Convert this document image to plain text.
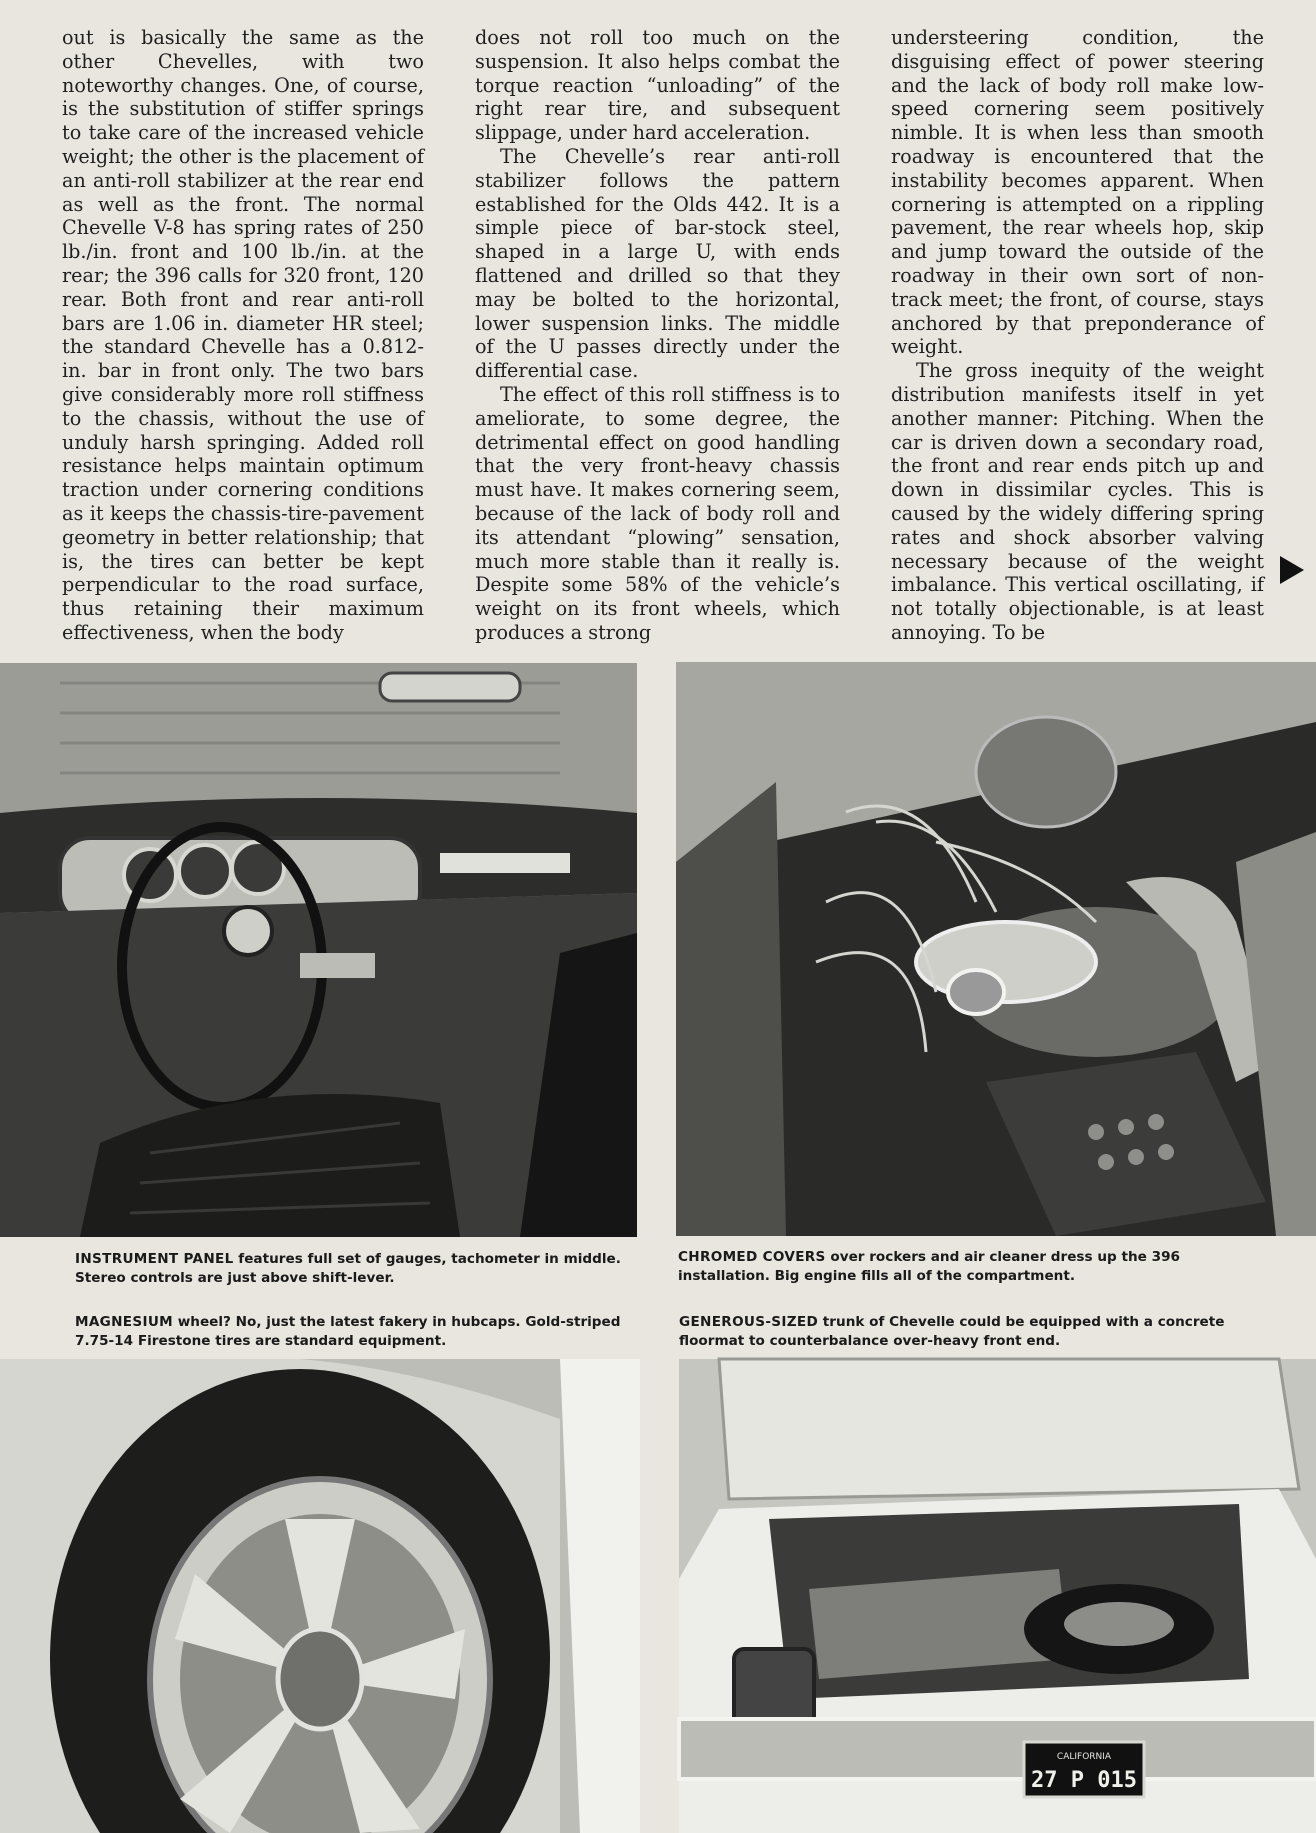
out is basically the same as the other Chevelles, with two noteworthy changes. One, of course, is the substitution of stiffer springs to take care of the increased vehicle weight; the other is the placement of an anti-roll stabilizer at the rear end as well as the front. The normal Chevelle V-8 has spring rates of 250 lb./in. front and 100 lb./in. at the rear; the 396 calls for 320 front, 120 rear. Both front and rear anti-roll bars are 1.06 in. diameter HR steel; the standard Chevelle has a 0.812-in. bar in front only. The two bars give considerably more roll stiffness to the chassis, without the use of unduly harsh springing. Added roll resistance helps maintain optimum traction under cornering conditions as it keeps the chassis-tire-pavement geometry in better relationship; that is, the tires can better be kept perpendicular to the road surface, thus retaining their maximum effectiveness, when the body

does not roll too much on the suspension. It also helps combat the torque reaction “unloading” of the right rear tire, and subsequent slippage, under hard acceleration.

The Chevelle’s rear anti-roll stabilizer follows the pattern established for the Olds 442. It is a simple piece of bar-stock steel, shaped in a large U, with ends flattened and drilled so that they may be bolted to the horizontal, lower suspension links. The middle of the U passes directly under the differential case.

The effect of this roll stiffness is to ameliorate, to some degree, the detrimental effect on good handling that the very front-heavy chassis must have. It makes cornering seem, because of the lack of body roll and its attendant “plowing” sensation, much more stable than it really is. Despite some 58% of the vehicle’s weight on its front wheels, which produces a strong

understeering condition, the disguising effect of power steering and the lack of body roll make low-speed cornering seem positively nimble. It is when less than smooth roadway is encountered that the instability becomes apparent. When cornering is attempted on a rippling pavement, the rear wheels hop, skip and jump toward the outside of the roadway in their own sort of non-track meet; the front, of course, stays anchored by that preponderance of weight.

The gross inequity of the weight distribution manifests itself in yet another manner: Pitching. When the car is driven down a secondary road, the front and rear ends pitch up and down in dissimilar cycles. This is caused by the widely differing spring rates and shock absorber valving necessary because of the weight imbalance. This vertical oscillating, if not totally objectionable, is at least annoying. To be

INSTRUMENT PANEL features full set of gauges, tachometer in middle. Stereo controls are just above shift-lever.
CHROMED COVERS over rockers and air cleaner dress up the 396 installation. Big engine fills all of the compartment.
MAGNESIUM wheel? No, just the latest fakery in hubcaps. Gold-striped 7.75-14 Firestone tires are standard equipment.
GENEROUS-SIZED trunk of Chevelle could be equipped with a concrete floormat to counterbalance over-heavy front end.
CALIFORNIA
27 P 015
